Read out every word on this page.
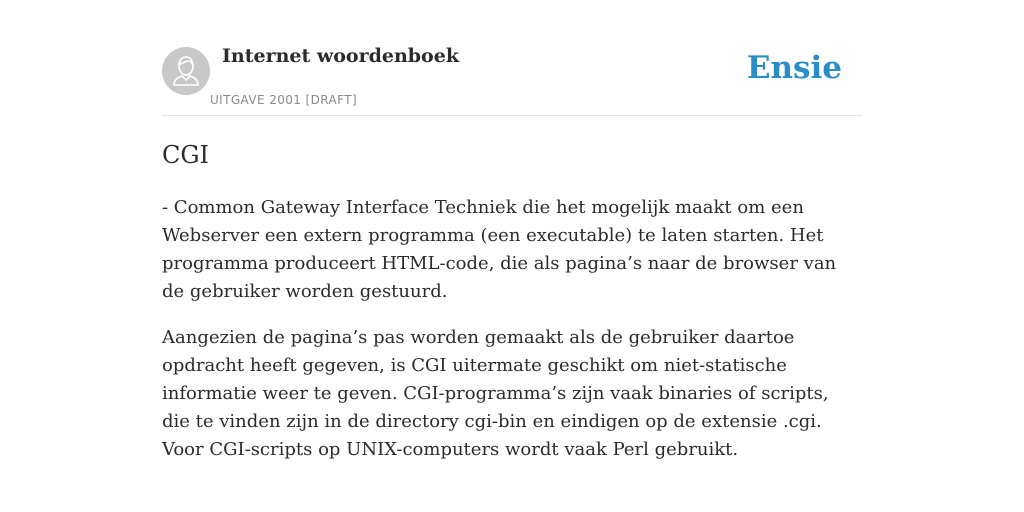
Internet woordenboek
UITGAVE 2001 [DRAFT]
Ensie
CGI

- Common Gateway Interface Techniek die het mogelijk maakt om een Webserver een extern programma (een executable) te laten starten. Het programma produceert HTML-code, die als pagina’s naar de browser van de gebruiker worden gestuurd.

Aangezien de pagina’s pas worden gemaakt als de gebruiker daartoe opdracht heeft gegeven, is CGI uitermate geschikt om niet-statische informatie weer te geven. CGI-programma’s zijn vaak binaries of scripts, die te vinden zijn in de directory cgi-bin en eindigen op de extensie .cgi. Voor CGI-scripts op UNIX-computers wordt vaak Perl gebruikt.
